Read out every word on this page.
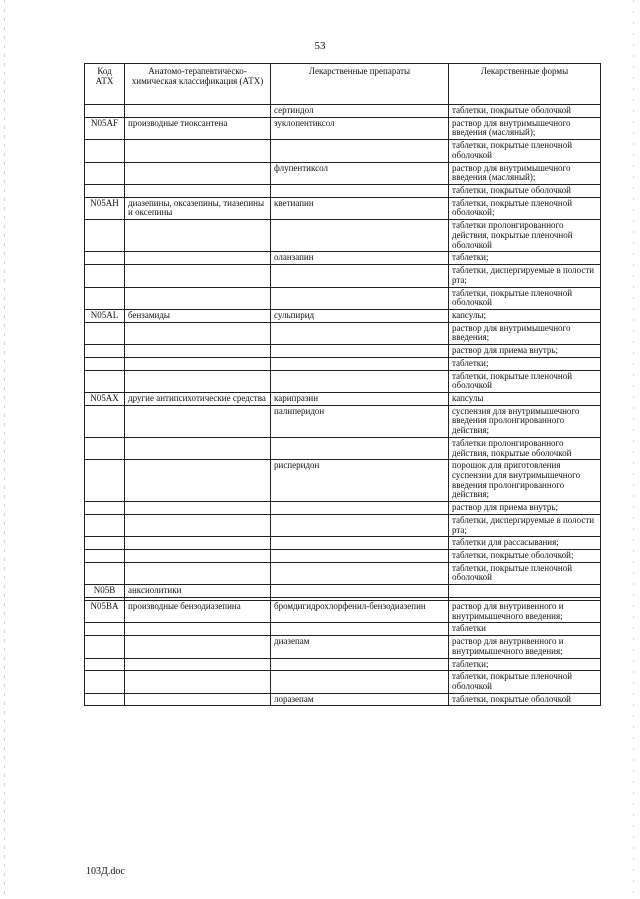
53
Код АТХ	Анатомо-терапевтическо-химическая классификация (АТХ)	Лекарственные препараты	Лекарственные формы
		сертиндол	таблетки, покрытые оболочкой
N05AF	производные тиоксантена	зуклопентиксол	раствор для внутримышечного введения (масляный);
			таблетки, покрытые пленочной оболочкой
		флупентиксол	раствор для внутримышечного введения (масляный);
			таблетки, покрытые оболочкой
N05AH	диазепины, оксазепины, тиазепины и оксепины	кветиапин	таблетки, покрытые пленочной оболочкой;
			таблетки пролонгированного действия, покрытые пленочной оболочкой
		оланзапин	таблетки;
			таблетки, диспергируемые в полости рта;
			таблетки, покрытые пленочной оболочкой
N05AL	бензамиды	сульпирид	капсулы;
			раствор для внутримышечного введения;
			раствор для приема внутрь;
			таблетки;
			таблетки, покрытые пленочной оболочкой
N05AX	другие антипсихотические средства	карипразин	капсулы
		палиперидон	суспензия для внутримышечного введения пролонгированного действия;
			таблетки пролонгированного действия, покрытые оболочкой
		рисперидон	порошок для приготовления суспензии для внутримышечного введения пролонгированного действия;
			раствор для приема внутрь;
			таблетки, диспергируемые в полости рта;
			таблетки для рассасывания;
			таблетки, покрытые оболочкой;
			таблетки, покрытые пленочной оболочкой
N05B	анксиолитики		

N05BA	производные бензодиазепина	бромдигидрохлорфенил-бензодиазепин	раствор для внутривенного и внутримышечного введения;
			таблетки
		диазепам	раствор для внутривенного и внутримышечного введения;
			таблетки;
			таблетки, покрытые пленочной оболочкой
		лоразепам	таблетки, покрытые оболочкой
103Д.doc
